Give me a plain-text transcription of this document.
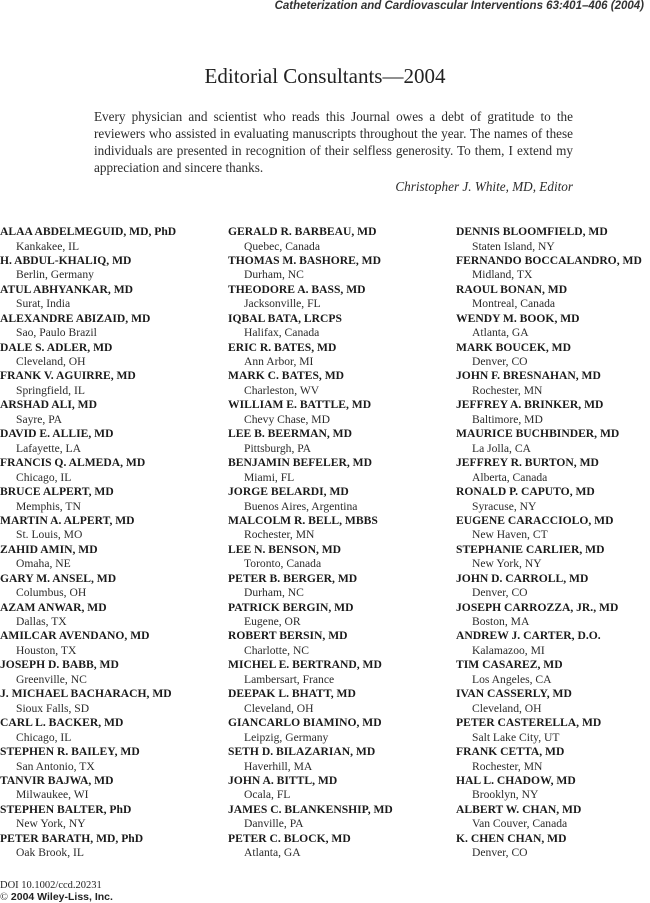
Catheterization and Cardiovascular Interventions 63:401–406 (2004)
Editorial Consultants—2004

Every physician and scientist who reads this Journal owes a debt of gratitude to the reviewers who assisted in evaluating manuscripts throughout the year. The names of these individuals are presented in recognition of their selfless generosity. To them, I extend my appreciation and sincere thanks.

Christopher J. White, MD, Editor
ALAA ABDELMEGUID, MD, PhD
Kankakee, IL
H. ABDUL-KHALIQ, MD
Berlin, Germany
ATUL ABHYANKAR, MD
Surat, India
ALEXANDRE ABIZAID, MD
Sao, Paulo Brazil
DALE S. ADLER, MD
Cleveland, OH
FRANK V. AGUIRRE, MD
Springfield, IL
ARSHAD ALI, MD
Sayre, PA
DAVID E. ALLIE, MD
Lafayette, LA
FRANCIS Q. ALMEDA, MD
Chicago, IL
BRUCE ALPERT, MD
Memphis, TN
MARTIN A. ALPERT, MD
St. Louis, MO
ZAHID AMIN, MD
Omaha, NE
GARY M. ANSEL, MD
Columbus, OH
AZAM ANWAR, MD
Dallas, TX
AMILCAR AVENDANO, MD
Houston, TX
JOSEPH D. BABB, MD
Greenville, NC
J. MICHAEL BACHARACH, MD
Sioux Falls, SD
CARL L. BACKER, MD
Chicago, IL
STEPHEN R. BAILEY, MD
San Antonio, TX
TANVIR BAJWA, MD
Milwaukee, WI
STEPHEN BALTER, PhD
New York, NY
PETER BARATH, MD, PhD
Oak Brook, IL
GERALD R. BARBEAU, MD
Quebec, Canada
THOMAS M. BASHORE, MD
Durham, NC
THEODORE A. BASS, MD
Jacksonville, FL
IQBAL BATA, LRCPS
Halifax, Canada
ERIC R. BATES, MD
Ann Arbor, MI
MARK C. BATES, MD
Charleston, WV
WILLIAM E. BATTLE, MD
Chevy Chase, MD
LEE B. BEERMAN, MD
Pittsburgh, PA
BENJAMIN BEFELER, MD
Miami, FL
JORGE BELARDI, MD
Buenos Aires, Argentina
MALCOLM R. BELL, MBBS
Rochester, MN
LEE N. BENSON, MD
Toronto, Canada
PETER B. BERGER, MD
Durham, NC
PATRICK BERGIN, MD
Eugene, OR
ROBERT BERSIN, MD
Charlotte, NC
MICHEL E. BERTRAND, MD
Lambersart, France
DEEPAK L. BHATT, MD
Cleveland, OH
GIANCARLO BIAMINO, MD
Leipzig, Germany
SETH D. BILAZARIAN, MD
Haverhill, MA
JOHN A. BITTL, MD
Ocala, FL
JAMES C. BLANKENSHIP, MD
Danville, PA
PETER C. BLOCK, MD
Atlanta, GA
DENNIS BLOOMFIELD, MD
Staten Island, NY
FERNANDO BOCCALANDRO, MD
Midland, TX
RAOUL BONAN, MD
Montreal, Canada
WENDY M. BOOK, MD
Atlanta, GA
MARK BOUCEK, MD
Denver, CO
JOHN F. BRESNAHAN, MD
Rochester, MN
JEFFREY A. BRINKER, MD
Baltimore, MD
MAURICE BUCHBINDER, MD
La Jolla, CA
JEFFREY R. BURTON, MD
Alberta, Canada
RONALD P. CAPUTO, MD
Syracuse, NY
EUGENE CARACCIOLO, MD
New Haven, CT
STEPHANIE CARLIER, MD
New York, NY
JOHN D. CARROLL, MD
Denver, CO
JOSEPH CARROZZA, JR., MD
Boston, MA
ANDREW J. CARTER, D.O.
Kalamazoo, MI
TIM CASAREZ, MD
Los Angeles, CA
IVAN CASSERLY, MD
Cleveland, OH
PETER CASTERELLA, MD
Salt Lake City, UT
FRANK CETTA, MD
Rochester, MN
HAL L. CHADOW, MD
Brooklyn, NY
ALBERT W. CHAN, MD
Van Couver, Canada
K. CHEN CHAN, MD
Denver, CO
DOI 10.1002/ccd.20231
© 2004 Wiley-Liss, Inc.
